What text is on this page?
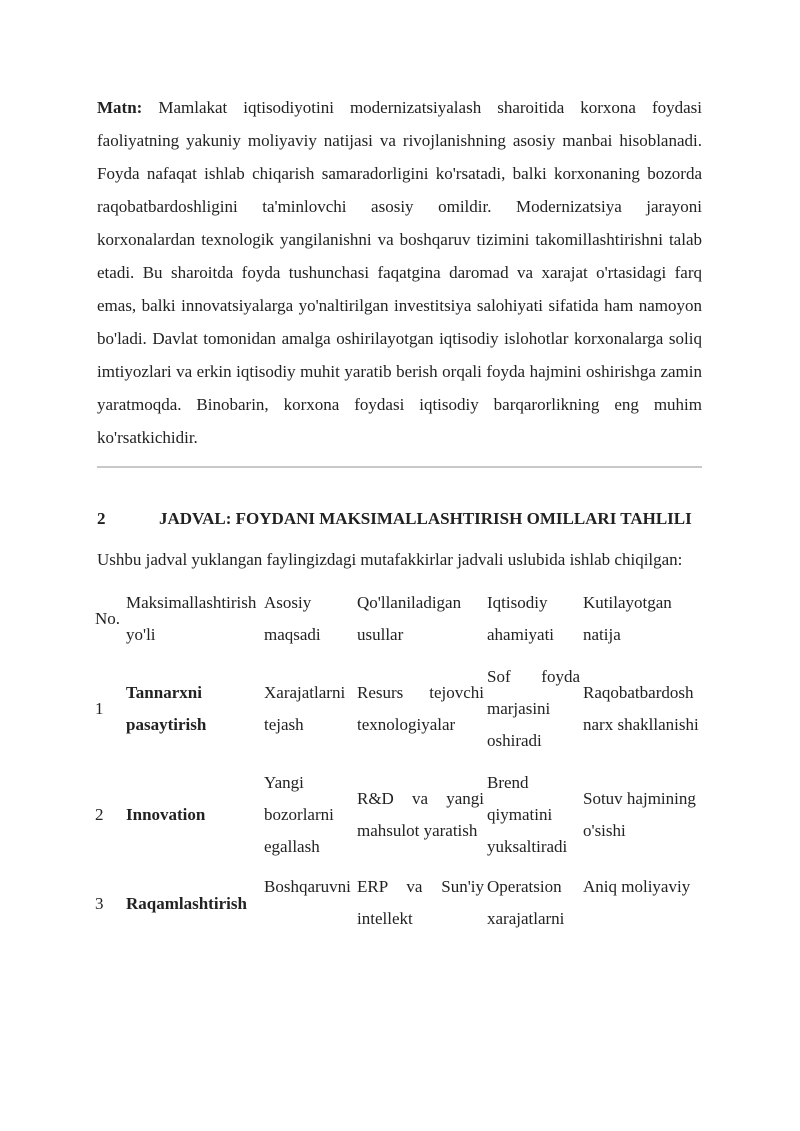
Matn: Mamlakat iqtisodiyotini modernizatsiyalash sharoitida korxona foydasi faoliyatning yakuniy moliyaviy natijasi va rivojlanishning asosiy manbai hisoblanadi. Foyda nafaqat ishlab chiqarish samaradorligini ko'rsatadi, balki korxonaning bozorda raqobatbardoshligini ta'minlovchi asosiy omildir. Modernizatsiya jarayoni korxonalardan texnologik yangilanishni va boshqaruv tizimini takomillashtirishni talab etadi. Bu sharoitda foyda tushunchasi faqatgina daromad va xarajat o'rtasidagi farq emas, balki innovatsiyalarga yo'naltirilgan investitsiya salohiyati sifatida ham namoyon bo'ladi. Davlat tomonidan amalga oshirilayotgan iqtisodiy islohotlar korxonalarga soliq imtiyozlari va erkin iqtisodiy muhit yaratib berish orqali foyda hajmini oshirishga zamin yaratmoqda. Binobarin, korxona foydasi iqtisodiy barqarorlikning eng muhim ko'rsatkichidir.

2	JADVAL: FOYDANI MAKSIMALLASHTIRISH OMILLARI TAHLILI

Ushbu jadval yuklangan faylingizdagi mutafakkirlar jadvali uslubida ishlab chiqilgan:

No.	Maksimallashtirish yo'li	Asosiy maqsadi	Qo'llaniladigan usullar	Iqtisodiy ahamiyati	Kutilayotgan natija
1	Tannarxni pasaytirish	Xarajatlarni tejash	Resurs tejovchi texnologiyalar	Sof foyda marjasini oshiradi	Raqobatbardosh narx shakllanishi
2	Innovation	Yangi bozorlarni egallash	R&D va yangi mahsulot yaratish	Brend qiymatini yuksaltiradi	Sotuv hajmining o'sishi
3	Raqamlashtirish	Boshqaruvni	ERP va Sun'iy intellekt	Operatsion xarajatlarni	Aniq moliyaviy
